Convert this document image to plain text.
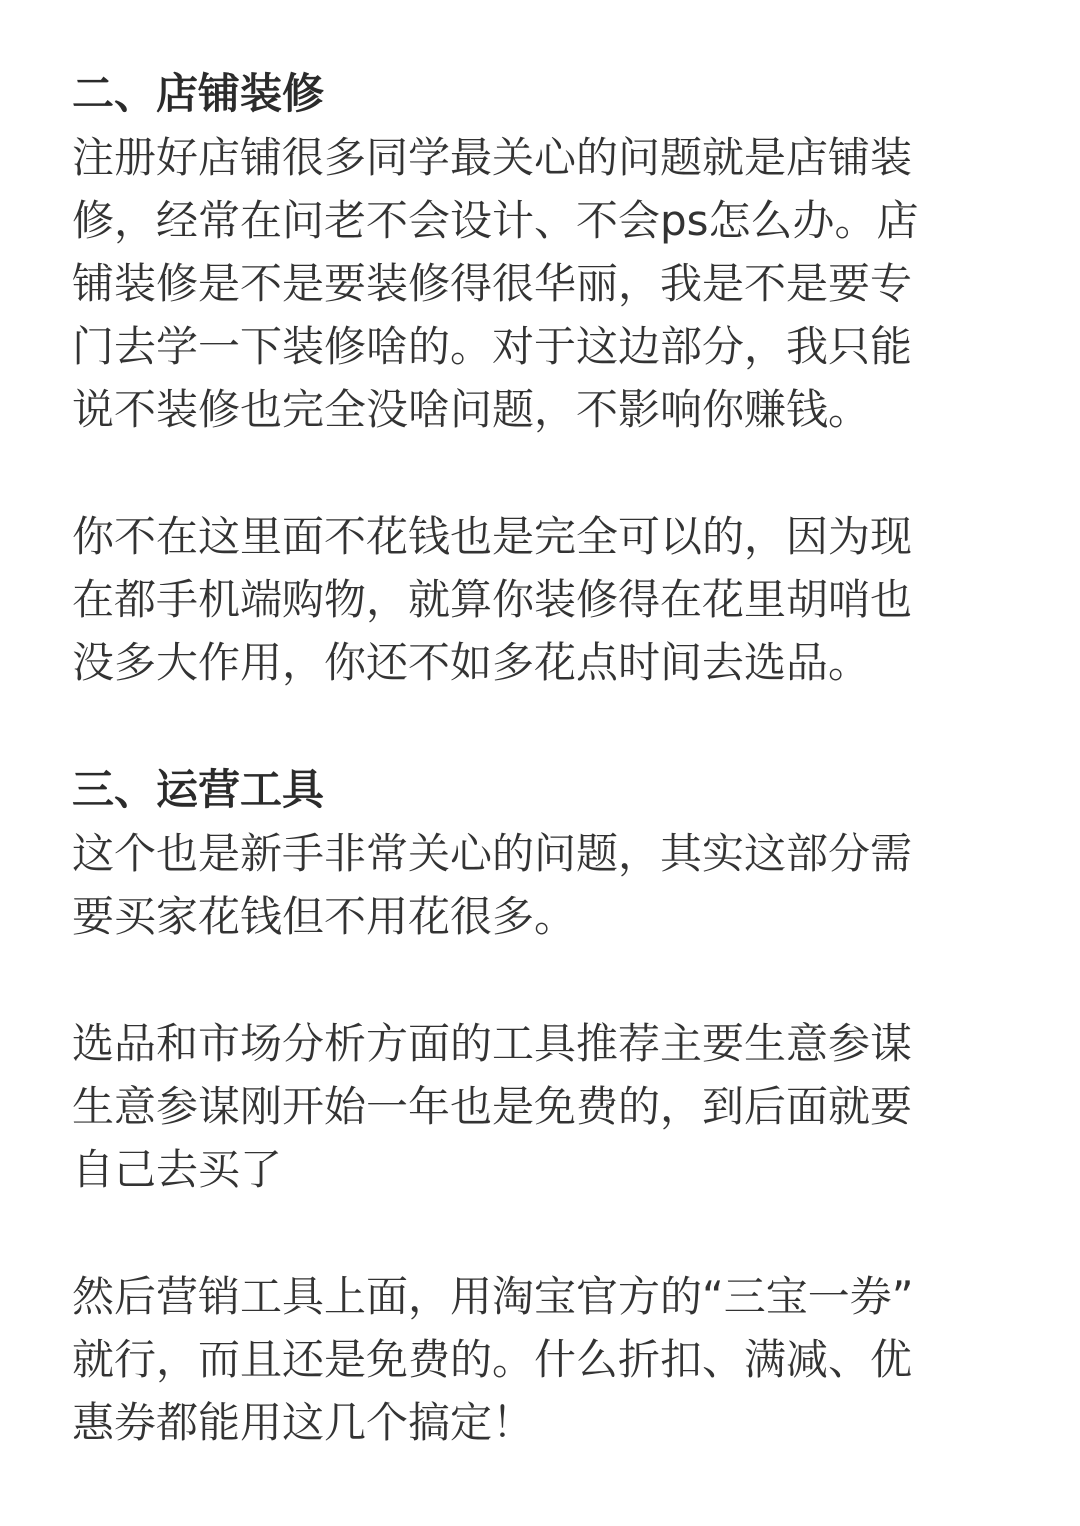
二、店铺装修
注册好店铺很多同学最关心的问题就是店铺装
修，经常在问老不会设计、不会ps怎么办。店
铺装修是不是要装修得很华丽，我是不是要专
门去学一下装修啥的。对于这边部分，我只能
说不装修也完全没啥问题，不影响你赚钱。
你不在这里面不花钱也是完全可以的，因为现
在都手机端购物，就算你装修得在花里胡哨也
没多大作用，你还不如多花点时间去选品。
三、运营工具
这个也是新手非常关心的问题，其实这部分需
要买家花钱但不用花很多。
选品和市场分析方面的工具推荐主要生意参谋
生意参谋刚开始一年也是免费的，到后面就要
自己去买了
然后营销工具上面，用淘宝官方的“三宝一券”
就行，而且还是免费的。什么折扣、满减、优
惠券都能用这几个搞定！
